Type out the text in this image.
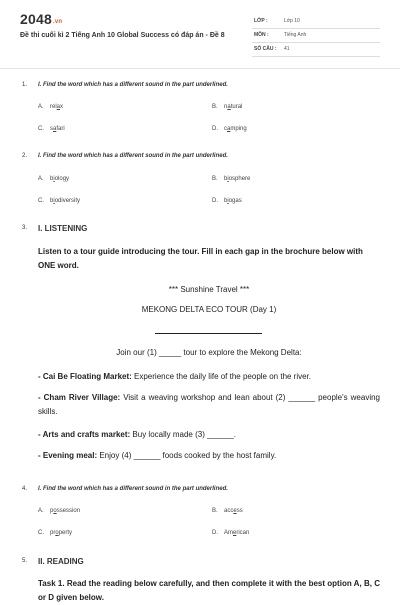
2048.vn
Đề thi cuối kì 2 Tiếng Anh 10 Global Success có đáp án - Đề 8
LỚP :	Lớp 10
MÔN :	Tiếng Anh
SỐ CÂU : 41
1. I. Find the word which has a different sound in the part underlined.
A. relax	B. natural
C. safari	D. camping
2. I. Find the word which has a different sound in the part underlined.
A. biology	B. biosphere
C. biodiversity	D. biogas
3. I. LISTENING
Listen to a tour guide introducing the tour. Fill in each gap in the brochure below with ONE word.
*** Sunshine Travel ***
MEKONG DELTA ECO TOUR (Day 1)
Join our (1) _____ tour to explore the Mekong Delta:
- Cai Be Floating Market: Experience the daily life of the people on the river.
- Cham River Village: Visit a weaving workshop and lean about (2) ______ people's weaving skills.
- Arts and crafts market: Buy locally made (3) ______.
- Evening meal: Enjoy (4) ______ foods cooked by the host family.
4. I. Find the word which has a different sound in the part underlined.
A. possession	B. access
C. property	D. American
5. II. READING
Task 1. Read the reading below carefully, and then complete it with the best option A, B, C or D given below.
